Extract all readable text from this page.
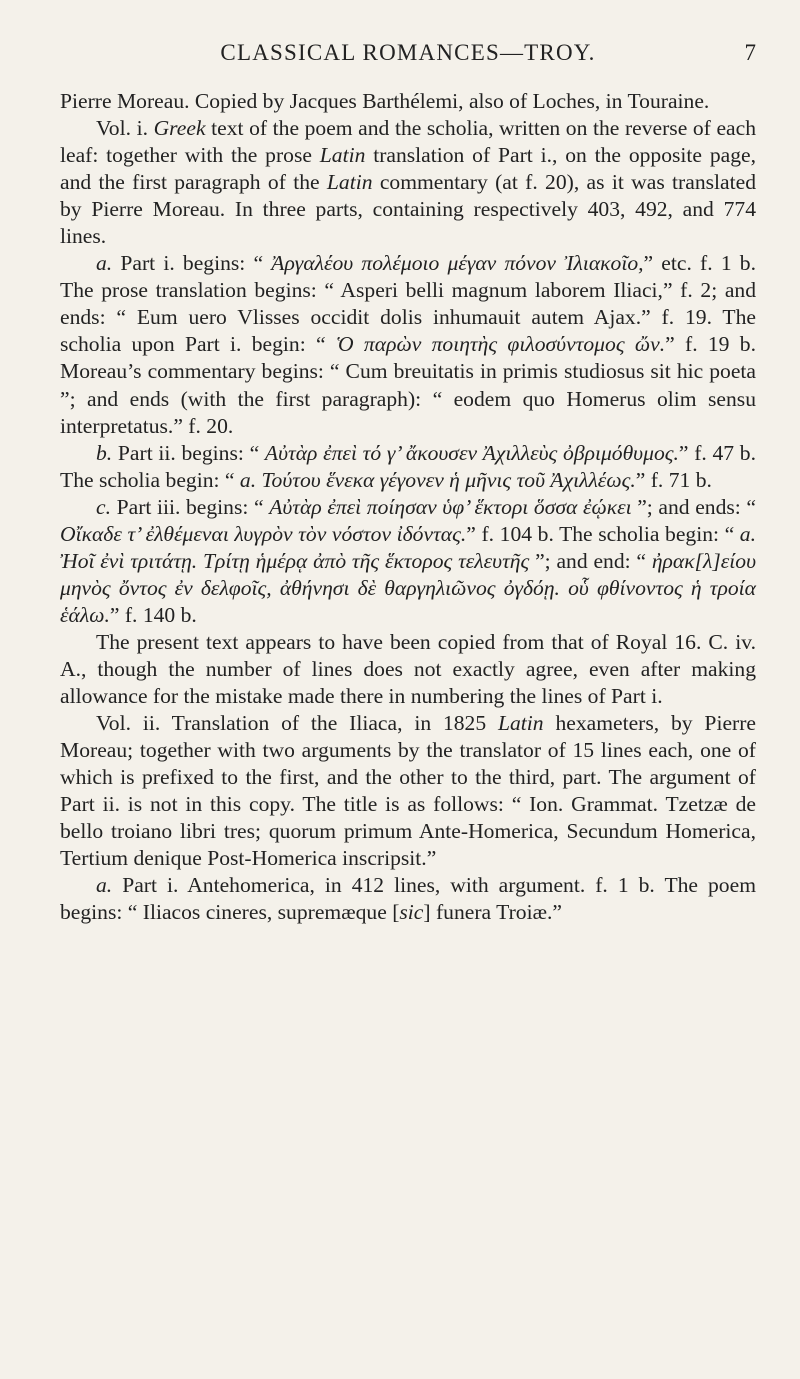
CLASSICAL ROMANCES—TROY.	7

Pierre Moreau. Copied by Jacques Barthélemi, also of Loches, in Touraine.

Vol. i. Greek text of the poem and the scholia, written on the reverse of each leaf: together with the prose Latin translation of Part i., on the opposite page, and the first paragraph of the Latin commentary (at f. 20), as it was translated by Pierre Moreau. In three parts, containing respectively 403, 492, and 774 lines.

a. Part i. begins: “ Ἀργαλέου πολέμοιο μέγαν πόνον Ἰλιακοῖο,” etc. f. 1 b. The prose translation begins: “ Asperi belli magnum laborem Iliaci,” f. 2; and ends: “ Eum uero Vlisses occidit dolis inhumauit autem Ajax.” f. 19. The scholia upon Part i. begin: “ Ὁ παρὼν ποιητὴς φιλοσύντομος ὤν.” f. 19 b. Moreau’s commentary begins: “ Cum breuitatis in primis studiosus sit hic poeta ”; and ends (with the first paragraph): “ eodem quo Homerus olim sensu interpretatus.” f. 20.

b. Part ii. begins: “ Αὐτὰρ ἐπεὶ τό γ’ ἄκουσεν Ἀχιλλεὺς ὀβριμόθυμος.” f. 47 b. The scholia begin: “ a. Τούτου ἕνεκα γέγονεν ἡ μῆνις τοῦ Ἀχιλλέως.” f. 71 b.

c. Part iii. begins: “ Αὐτὰρ ἐπεὶ ποίησαν ὑφ’ ἕκτορι ὅσσα ἐῴκει ”; and ends: “ Οἴκαδε τ’ ἐλθέμεναι λυγρὸν τὸν νόστον ἰδόντας.” f. 104 b. The scholia begin: “ a. Ἠοῖ ἐνὶ τριτάτῃ. Τρίτῃ ἡμέρᾳ ἀπὸ τῆς ἕκτορος τελευτῆς ”; and end: “ ἠρακ[λ]είου μηνὸς ὄντος ἐν δελφοῖς, ἀθήνησι δὲ θαργηλιῶνος ὀγδόῃ. οὗ φθίνοντος ἡ τροία ἑάλω.” f. 140 b.

The present text appears to have been copied from that of Royal 16. C. iv. A., though the number of lines does not exactly agree, even after making allowance for the mistake made there in numbering the lines of Part i.

Vol. ii. Translation of the Iliaca, in 1825 Latin hexameters, by Pierre Moreau; together with two arguments by the translator of 15 lines each, one of which is prefixed to the first, and the other to the third, part. The argument of Part ii. is not in this copy. The title is as follows: “ Ion. Grammat. Tzetzæ de bello troiano libri tres; quorum primum Ante-Homerica, Secundum Homerica, Tertium denique Post-Homerica inscripsit.”

a. Part i. Antehomerica, in 412 lines, with argument. f. 1 b. The poem begins: “ Iliacos cineres, supremæque [sic] funera Troiæ.”
